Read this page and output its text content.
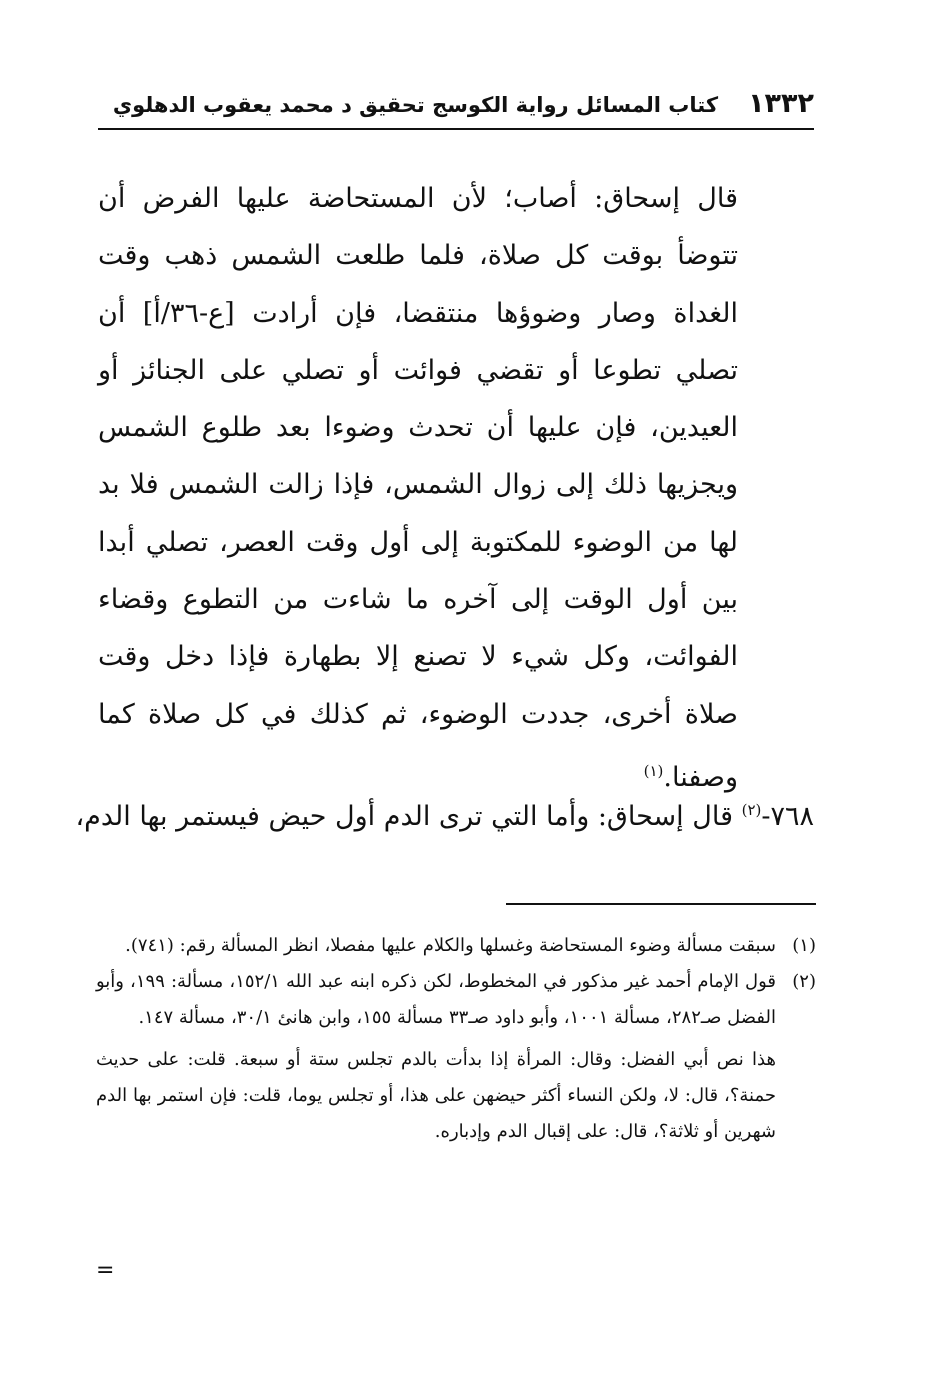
١٣٣٢
كتاب المسائل رواية الكوسج تحقيق د محمد يعقوب الدهلوي
قال إسحاق: أصاب؛ لأن المستحاضة عليها الفرض أن تتوضأ بوقت كل صلاة، فلما طلعت الشمس ذهب وقت الغداة وصار وضوؤها منتقضا، فإن أرادت [ع-٣٦/أ] أن تصلي تطوعا أو تقضي فوائت أو تصلي على الجنائز أو العيدين، فإن عليها أن تحدث وضوءا بعد طلوع الشمس ويجزيها ذلك إلى زوال الشمس، فإذا زالت الشمس فلا بد لها من الوضوء للمكتوبة إلى أول وقت العصر، تصلي أبدا بين أول الوقت إلى آخره ما شاءت من التطوع وقضاء الفوائت، وكل شيء لا تصنع إلا بطهارة فإذا دخل وقت صلاة أخرى، جددت الوضوء، ثم كذلك في كل صلاة كما وصفنا.$^{(١)}$
٧٦٨-$^{(٢)}$ قال إسحاق: وأما التي ترى الدم أول حيض فيستمر بها الدم،
(١)
سبقت مسألة وضوء المستحاضة وغسلها والكلام عليها مفصلا، انظر المسألة رقم: (٧٤١).
(٢)
قول الإمام أحمد غير مذكور في المخطوط، لكن ذكره ابنه عبد الله ١٥٢/١، مسألة: ١٩٩، وأبو الفضل صـ٢٨٢، مسألة ١٠٠١، وأبو داود صـ٣٣ مسألة ١٥٥، وابن هانئ ٣٠/١، مسألة ١٤٧.
هذا نص أبي الفضل: وقال: المرأة إذا بدأت بالدم تجلس ستة أو سبعة. قلت: على حديث حمنة؟، قال: لا، ولكن النساء أكثر حيضهن على هذا، أو تجلس يوما، قلت: فإن استمر بها الدم شهرين أو ثلاثة؟، قال: على إقبال الدم وإدباره.
=
